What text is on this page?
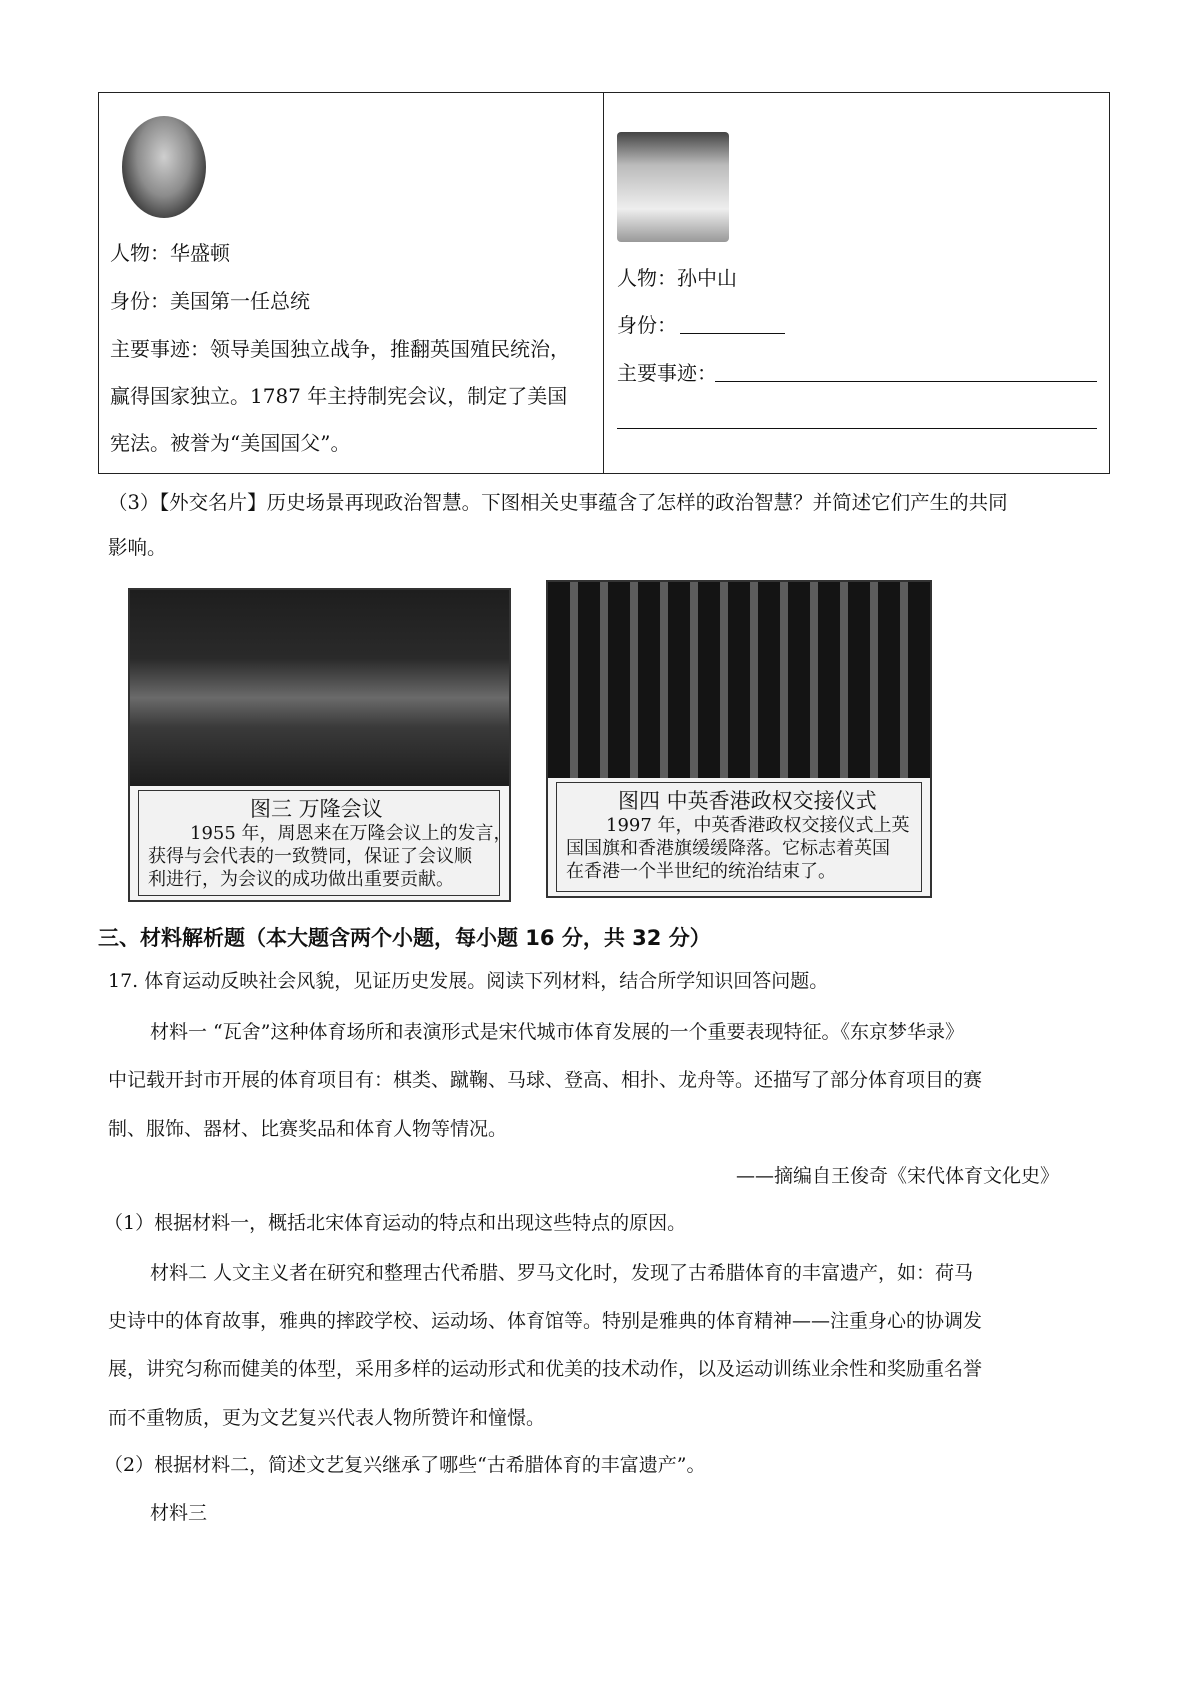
人物：华盛顿
身份：美国第一任总统
主要事迹：领导美国独立战争，推翻英国殖民统治，
赢得国家独立。1787 年主持制宪会议，制定了美国
宪法。被誉为“美国国父”。
人物：孙中山
身份：
主要事迹：
（3）【外交名片】历史场景再现政治智慧。下图相关史事蕴含了怎样的政治智慧？并简述它们产生的共同
影响。
图三 万隆会议
1955 年，周恩来在万隆会议上的发言，
获得与会代表的一致赞同，保证了会议顺
利进行，为会议的成功做出重要贡献。
图四 中英香港政权交接仪式
1997 年，中英香港政权交接仪式上英
国国旗和香港旗缓缓降落。它标志着英国
在香港一个半世纪的统治结束了。
三、材料解析题（本大题含两个小题，每小题 16 分，共 32 分）
17. 体育运动反映社会风貌，见证历史发展。阅读下列材料，结合所学知识回答问题。
材料一 “瓦舍”这种体育场所和表演形式是宋代城市体育发展的一个重要表现特征。《东京梦华录》
中记载开封市开展的体育项目有：棋类、蹴鞠、马球、登高、相扑、龙舟等。还描写了部分体育项目的赛
制、服饰、器材、比赛奖品和体育人物等情况。
——摘编自王俊奇《宋代体育文化史》
（1）根据材料一，概括北宋体育运动的特点和出现这些特点的原因。
材料二 人文主义者在研究和整理古代希腊、罗马文化时，发现了古希腊体育的丰富遗产，如：荷马
史诗中的体育故事，雅典的摔跤学校、运动场、体育馆等。特别是雅典的体育精神——注重身心的协调发
展，讲究匀称而健美的体型，采用多样的运动形式和优美的技术动作，以及运动训练业余性和奖励重名誉
而不重物质，更为文艺复兴代表人物所赞许和憧憬。
（2）根据材料二，简述文艺复兴继承了哪些“古希腊体育的丰富遗产”。
材料三
